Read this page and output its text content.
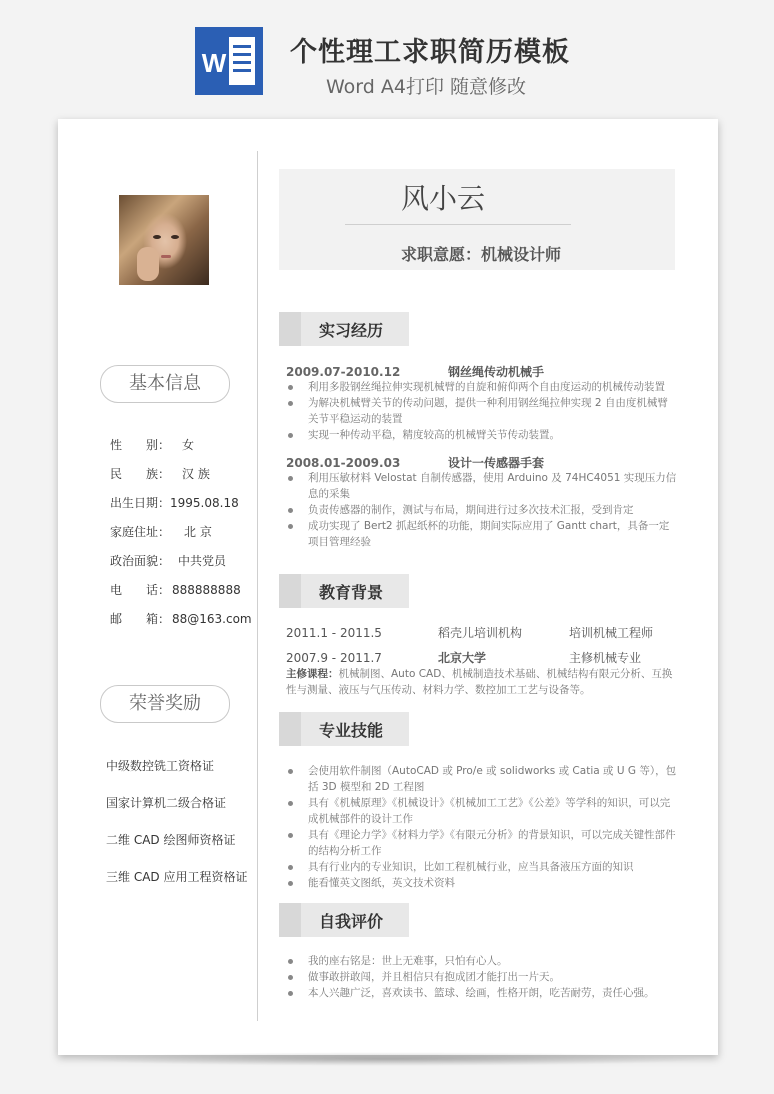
W 个性理工求职简历模板
Word A4打印 随意修改
基本信息
性　　别： 女
民　　族： 汉 族
出生日期：1995.08.18
家庭住址： 北 京
政治面貌： 中共党员
电　　话： 888888888
邮　　箱： 88@163.com
荣誉奖励
中级数控铣工资格证
国家计算机二级合格证
二维 CAD 绘图师资格证
三维 CAD 应用工程资格证
风小云
求职意愿：机械设计师
实习经历
2009.07-2010.12	钢丝绳传动机械手
利用多股钢丝绳拉伸实现机械臂的自旋和俯仰两个自由度运动的机械传动装置
为解决机械臂关节的传动问题，提供一种利用钢丝绳拉伸实现 2 自由度机械臂关节平稳运动的装置
实现一种传动平稳，精度较高的机械臂关节传动装置。
2008.01-2009.03	设计一传感器手套
利用压敏材料 Velostat 自制传感器，使用 Arduino 及 74HC4051 实现压力信息的采集
负责传感器的制作，测试与布局，期间进行过多次技术汇报，受到肯定
成功实现了 Bert2 抓起纸杯的功能，期间实际应用了 Gantt chart，具备一定项目管理经验
教育背景
2011.1 - 2011.5	稻壳儿培训机构	培训机械工程师
2007.9 - 2011.7	北京大学	主修机械专业
主修课程：机械制图、Auto CAD、机械制造技术基础、机械结构有限元分析、互换性与测量、液压与气压传动、材料力学、数控加工工艺与设备等。
专业技能
会使用软件制图（AutoCAD 或 Pro/e 或 solidworks 或 Catia 或 U G 等），包括 3D 模型和 2D 工程图
具有《机械原理》《机械设计》《机械加工工艺》《公差》等学科的知识，可以完成机械部件的设计工作
具有《理论力学》《材料力学》《有限元分析》的背景知识，可以完成关键性部件的结构分析工作
具有行业内的专业知识，比如工程机械行业，应当具备液压方面的知识
能看懂英文图纸，英文技术资料
自我评价
我的座右铭是：世上无难事，只怕有心人。
做事敢拼敢闯，并且相信只有抱成团才能打出一片天。
本人兴趣广泛，喜欢读书、篮球、绘画，性格开朗，吃苦耐劳，责任心强。
